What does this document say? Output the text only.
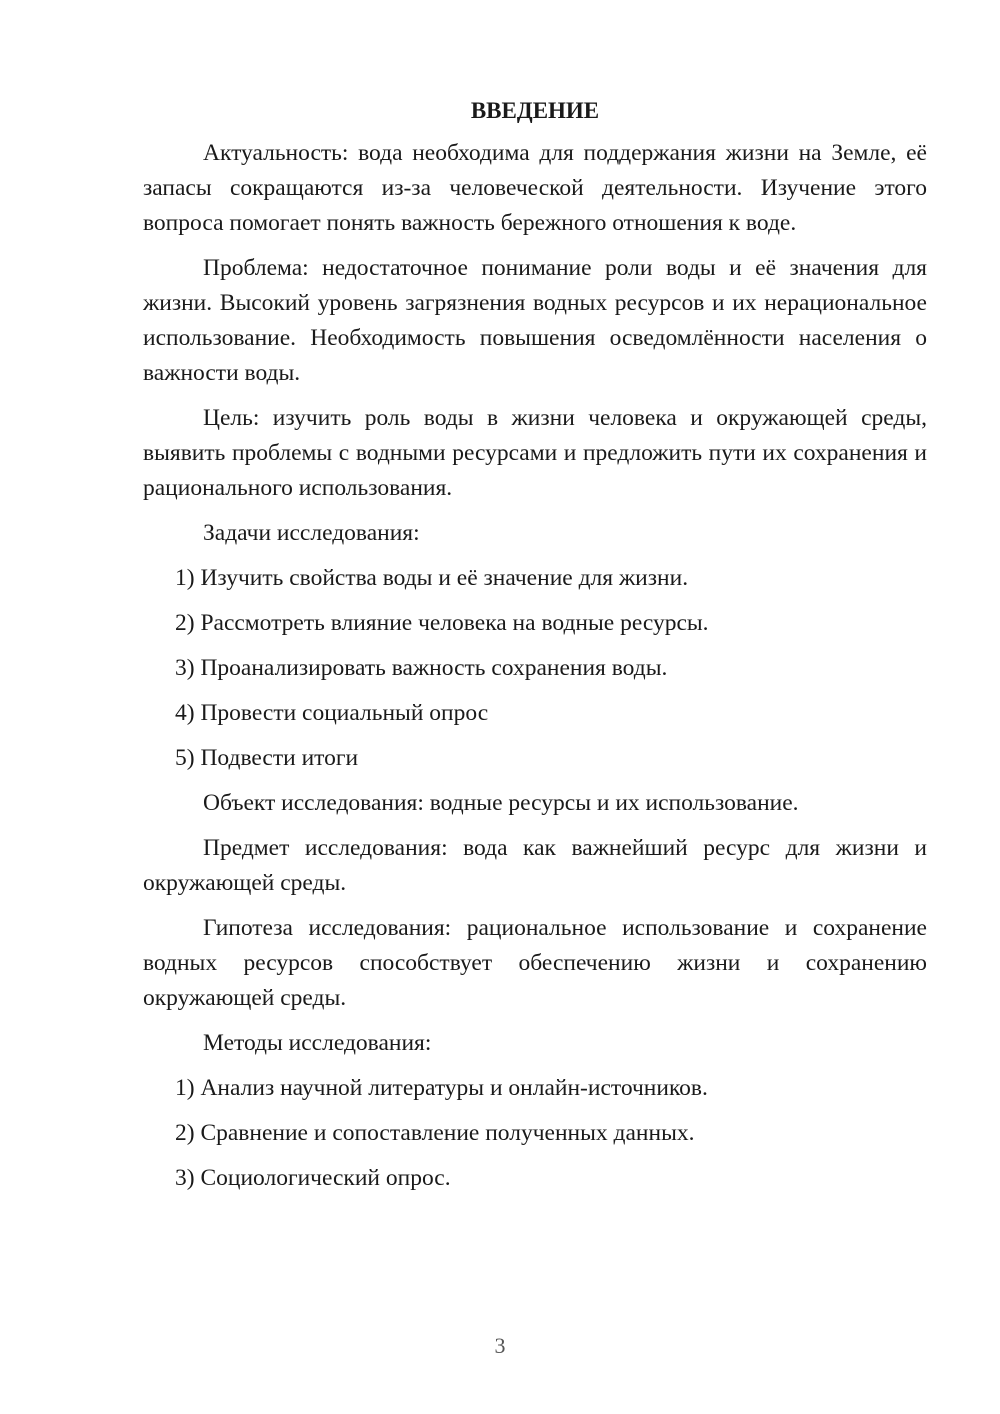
ВВЕДЕНИЕ

Актуальность: вода необходима для поддержания жизни на Земле, её запасы сокращаются из-за человеческой деятельности. Изучение этого вопроса помогает понять важность бережного отношения к воде.

Проблема: недостаточное понимание роли воды и её значения для жизни. Высокий уровень загрязнения водных ресурсов и их нерациональное использование. Необходимость повышения осведомлённости населения о важности воды.

Цель: изучить роль воды в жизни человека и окружающей среды, выявить проблемы с водными ресурсами и предложить пути их сохранения и рационального использования.

Задачи исследования:

1) Изучить свойства воды и её значение для жизни.
2) Рассмотреть влияние человека на водные ресурсы.
3) Проанализировать важность сохранения воды.
4) Провести социальный опрос
5) Подвести итоги

Объект исследования: водные ресурсы и их использование.

Предмет исследования: вода как важнейший ресурс для жизни и окружающей среды.

Гипотеза исследования: рациональное использование и сохранение водных ресурсов способствует обеспечению жизни и сохранению окружающей среды.

Методы исследования:

1) Анализ научной литературы и онлайн-источников.
2) Сравнение и сопоставление полученных данных.
3) Социологический опрос.
3
